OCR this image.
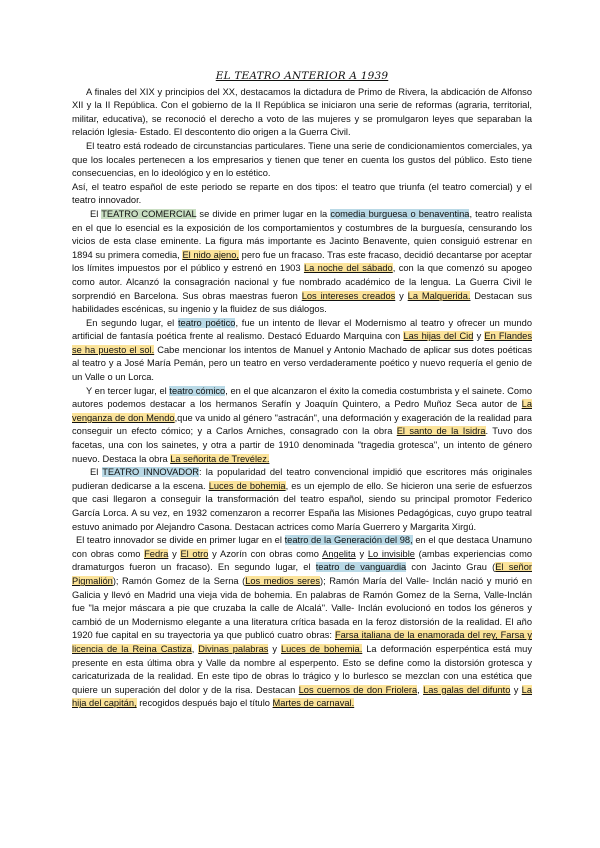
EL TEATRO ANTERIOR A 1939

A finales del XIX y principios del XX, destacamos la dictadura de Primo de Rivera, la abdicación de Alfonso XII y la II República. Con el gobierno de la II República se iniciaron una serie de reformas (agraria, territorial, militar, educativa), se reconoció el derecho a voto de las mujeres y se promulgaron leyes que separaban la relación Iglesia- Estado. El descontento dio origen a la Guerra Civil.

El teatro está rodeado de circunstancias particulares. Tiene una serie de condicionamientos comerciales, ya que los locales pertenecen a los empresarios y tienen que tener en cuenta los gustos del público. Esto tiene consecuencias, en lo ideológico y en lo estético.

Así, el teatro español de este periodo se reparte en dos tipos: el teatro que triunfa (el teatro comercial) y el teatro innovador.

El TEATRO COMERCIAL se divide en primer lugar en la comedia burguesa o benaventina, teatro realista en el que lo esencial es la exposición de los comportamientos y costumbres de la burguesía, censurando los vicios de esta clase eminente. La figura más importante es Jacinto Benavente, quien consiguió estrenar en 1894 su primera comedia, El nido ajeno, pero fue un fracaso. Tras este fracaso, decidió decantarse por aceptar los límites impuestos por el público y estrenó en 1903 La noche del sábado, con la que comenzó su apogeo como autor. Alcanzó la consagración nacional y fue nombrado académico de la lengua. La Guerra Civil le sorprendió en Barcelona. Sus obras maestras fueron Los intereses creados y La Malquerida. Destacan sus habilidades escénicas, su ingenio y la fluidez de sus diálogos.

En segundo lugar, el teatro poético, fue un intento de llevar el Modernismo al teatro y ofrecer un mundo artificial de fantasía poética frente al realismo. Destacó Eduardo Marquina con Las hijas del Cid y En Flandes se ha puesto el sol. Cabe mencionar los intentos de Manuel y Antonio Machado de aplicar sus dotes poéticas al teatro y a José María Pemán, pero un teatro en verso verdaderamente poético y nuevo requería el genio de un Valle o un Lorca.

Y en tercer lugar, el teatro cómico, en el que alcanzaron el éxito la comedia costumbrista y el sainete. Como autores podemos destacar a los hermanos Serafín y Joaquín Quintero, a Pedro Muñoz Seca autor de La venganza de don Mendo,que va unido al género "astracán", una deformación y exageración de la realidad para conseguir un efecto cómico; y a Carlos Arniches, consagrado con la obra El santo de la Isidra. Tuvo dos facetas, una con los sainetes, y otra a partir de 1910 denominada "tragedia grotesca", un intento de género nuevo. Destaca la obra La señorita de Trevélez.

El TEATRO INNOVADOR: la popularidad del teatro convencional impidió que escritores más originales pudieran dedicarse a la escena. Luces de bohemia, es un ejemplo de ello. Se hicieron una serie de esfuerzos que casi llegaron a conseguir la transformación del teatro español, siendo su principal promotor Federico García Lorca. A su vez, en 1932 comenzaron a recorrer España las Misiones Pedagógicas, cuyo grupo teatral estuvo animado por Alejandro Casona. Destacan actrices como María Guerrero y Margarita Xirgú.

El teatro innovador se divide en primer lugar en el teatro de la Generación del 98, en el que destaca Unamuno con obras como Fedra y El otro y Azorín con obras como Angelita y Lo invisible (ambas experiencias como dramaturgos fueron un fracaso). En segundo lugar, el teatro de vanguardia con Jacinto Grau (El señor Pigmalión); Ramón Gomez de la Serna (Los medios seres); Ramón María del Valle- Inclán nació y murió en Galicia y llevó en Madrid una vieja vida de bohemia. En palabras de Ramón Gomez de la Serna, Valle-Inclán fue "la mejor máscara a pie que cruzaba la calle de Alcalá". Valle- Inclán evolucionó en todos los géneros y cambió de un Modernismo elegante a una literatura crítica basada en la feroz distorsión de la realidad. El año 1920 fue capital en su trayectoria ya que publicó cuatro obras: Farsa italiana de la enamorada del rey, Farsa y licencia de la Reina Castiza, Divinas palabras y Luces de bohemia. La deformación esperpéntica está muy presente en esta última obra y Valle da nombre al esperpento. Esto se define como la distorsión grotesca y caricaturizada de la realidad. En este tipo de obras lo trágico y lo burlesco se mezclan con una estética que quiere un superación del dolor y de la risa. Destacan Los cuernos de don Friolera, Las galas del difunto y La hija del capitán, recogidos después bajo el título Martes de carnaval.
